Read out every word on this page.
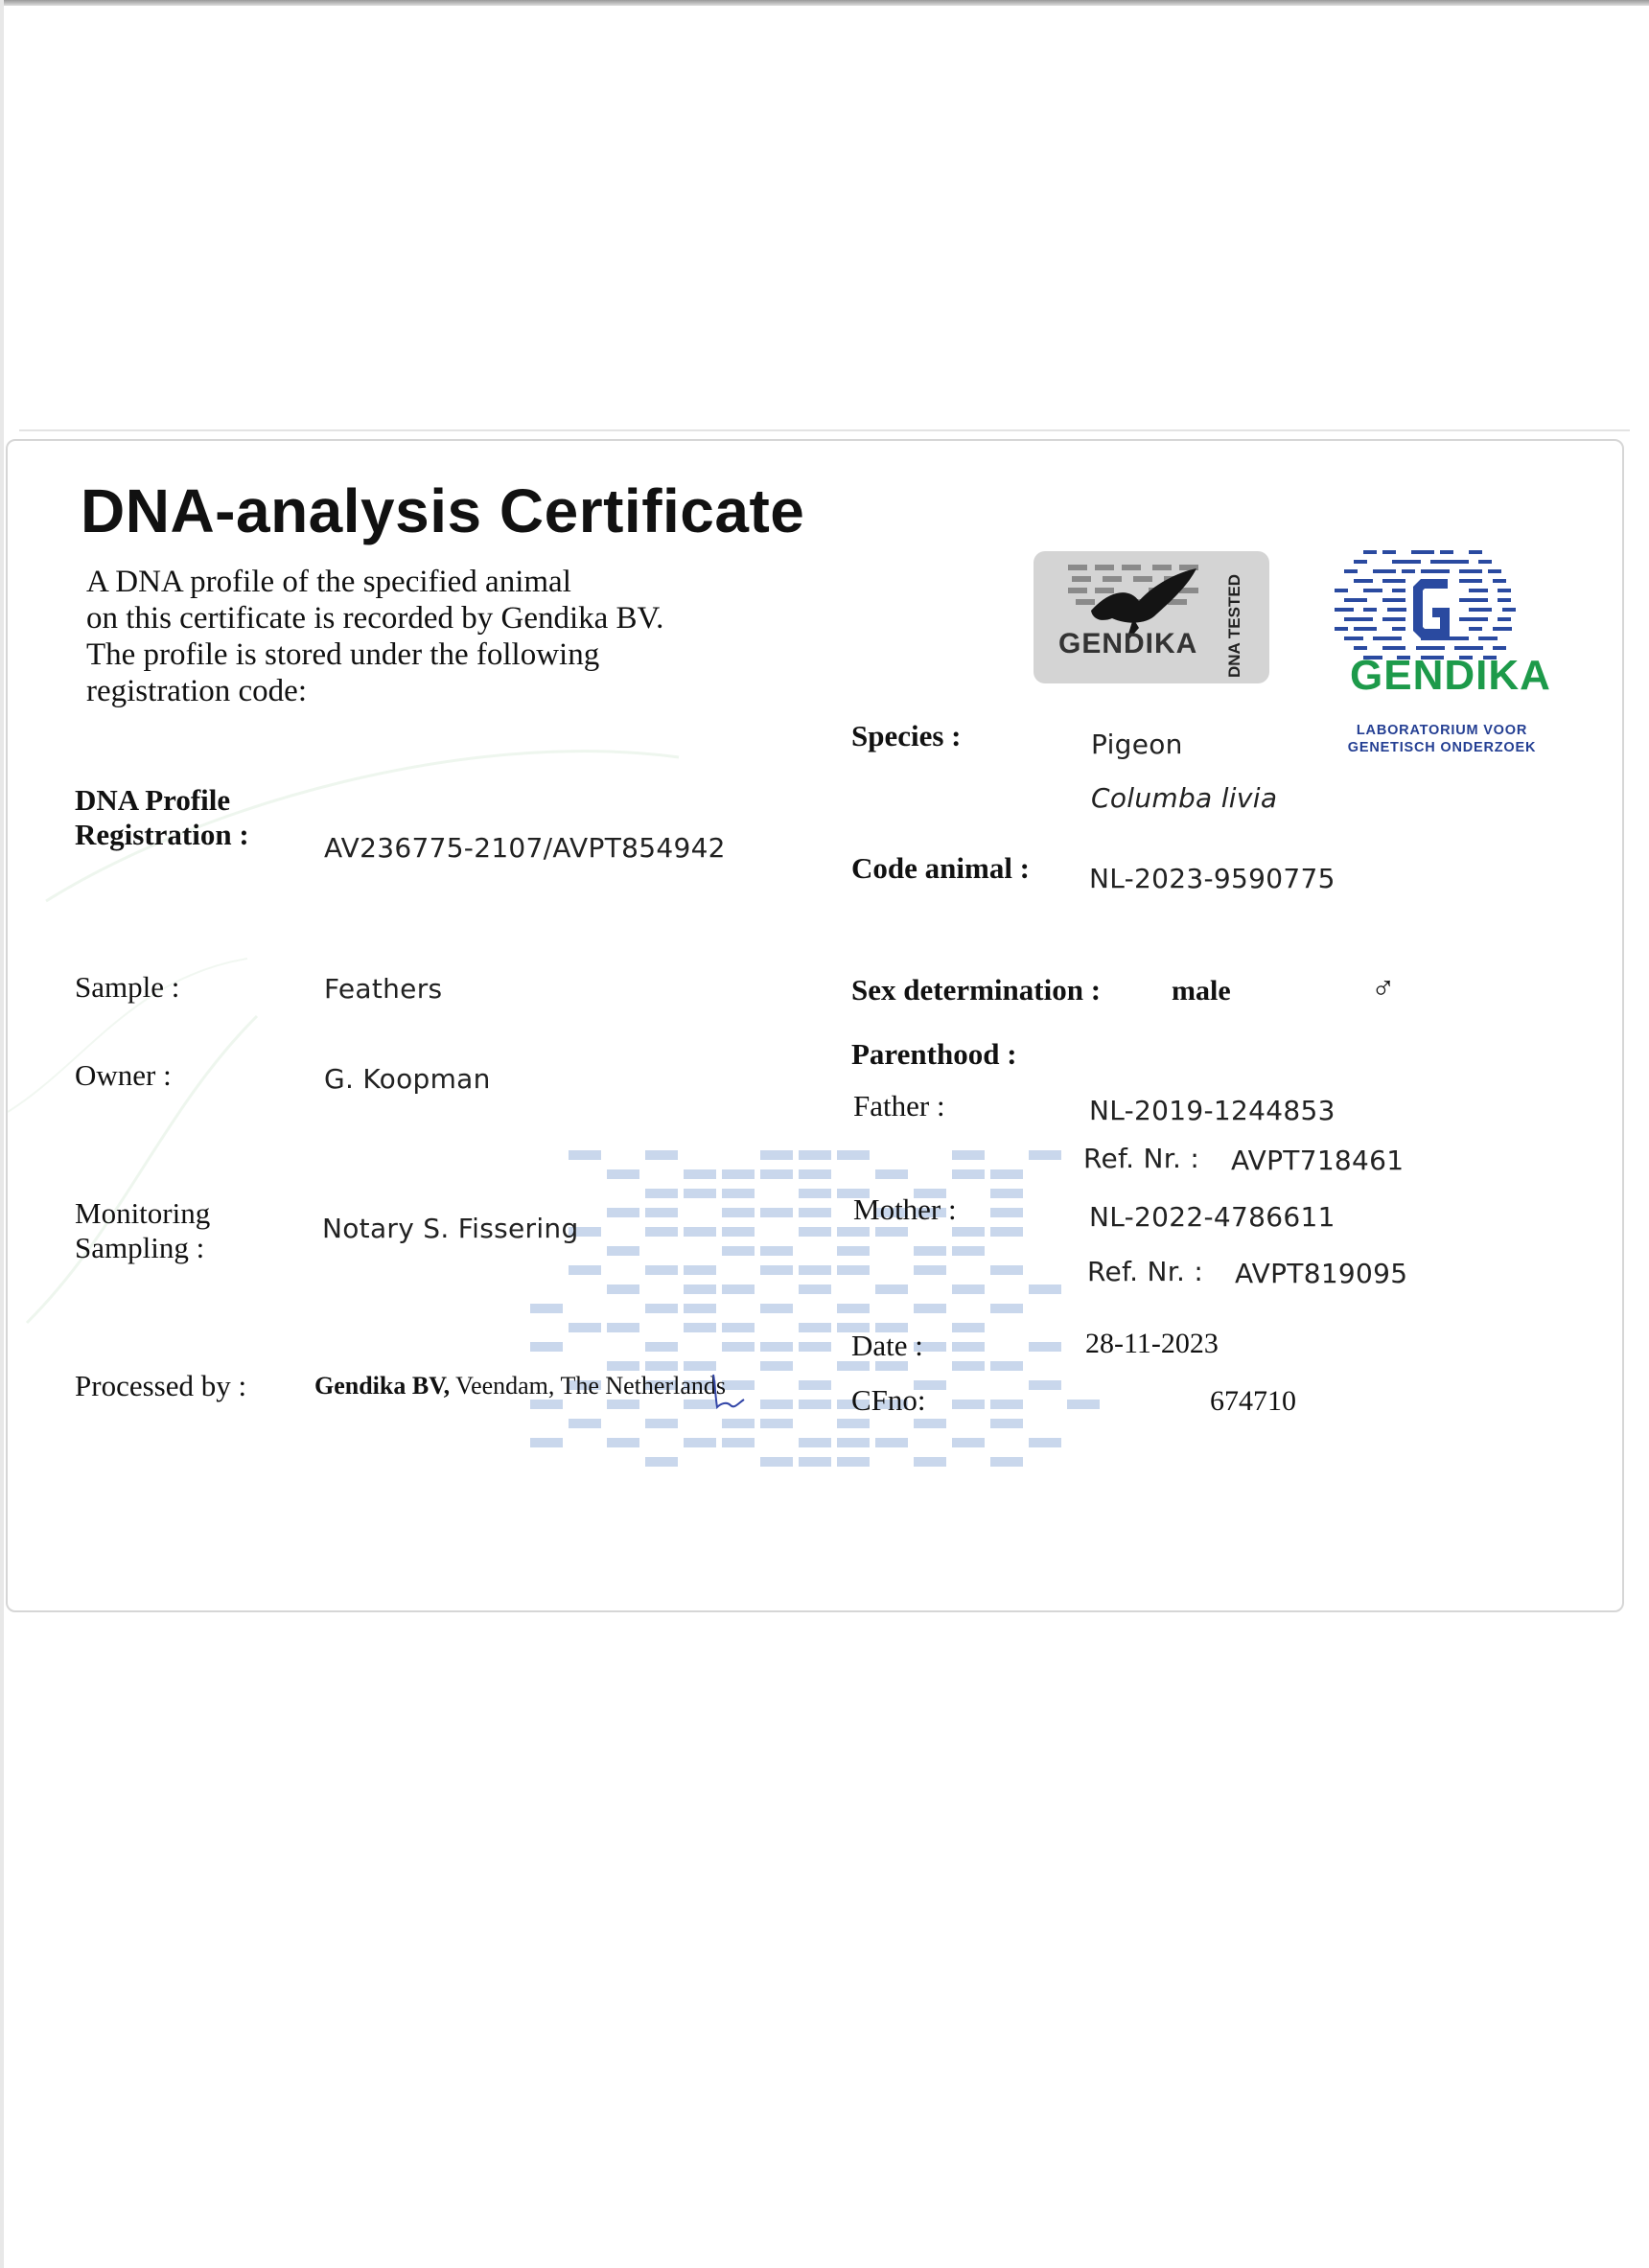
DNA-analysis Certificate
A DNA profile of the specified animal
on this certificate is recorded by Gendika BV.
The profile is stored under the following
registration code:
GENDIKA DNA TESTED	GENDIKA
LABORATORIUM VOOR
GENETISCH ONDERZOEK
DNA Profile
Registration :	AV236775-2107/AVPT854942
Sample :	Feathers
Owner :	G. Koopman
Monitoring
Sampling :
Notary S. Fissering
Processed by :	Gendika BV, Veendam, The Netherlands
Species :	Pigeon
Columba livia
Code animal : NL-2023-9590775
Sex determination : male	♂
Parenthood :
Father :	NL-2019-1244853
Ref. Nr. : AVPT718461
Mother :	NL-2022-4786611
Ref. Nr. : AVPT819095
Date :	28-11-2023
CFno:	674710
